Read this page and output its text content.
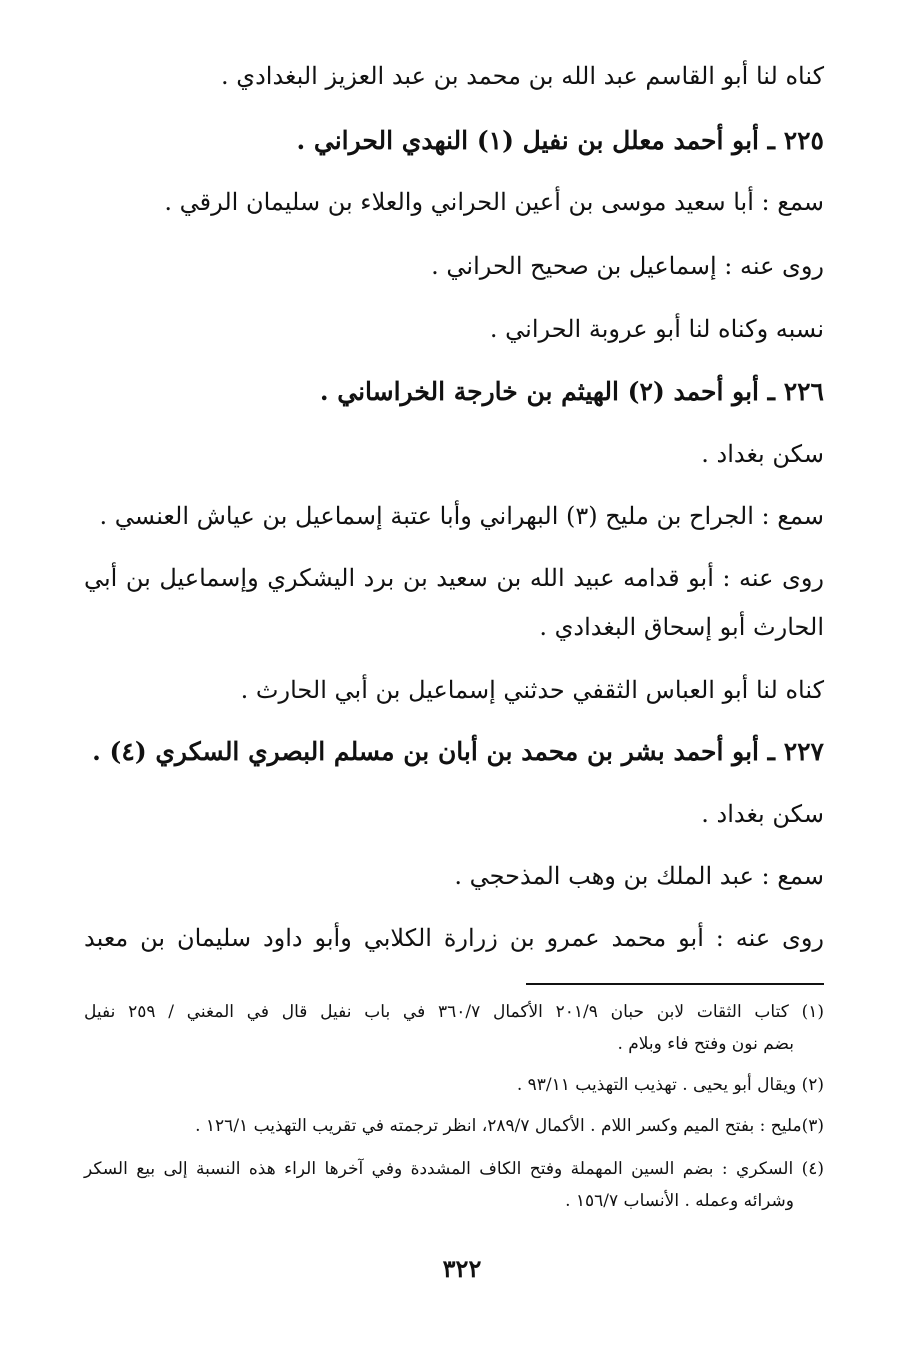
كناه لنا أبو القاسم عبد الله بن محمد بن عبد العزيز البغدادي .
٢٢٥ ـ أبو أحمد معلل بن نفيل (١) النهدي الحراني .
سمع : أبا سعيد موسى بن أعين الحراني والعلاء بن سليمان الرقي .
روى عنه : إسماعيل بن صحيح الحراني .
نسبه وكناه لنا أبو عروبة الحراني .
٢٢٦ ـ أبو أحمد (٢) الهيثم بن خارجة الخراساني .
سكن بغداد .
سمع : الجراح بن مليح (٣) البهراني وأبا عتبة إسماعيل بن عياش العنسي .
روى عنه : أبو قدامه عبيد الله بن سعيد بن برد اليشكري وإسماعيل بن أبي
الحارث أبو إسحاق البغدادي .
كناه لنا أبو العباس الثقفي حدثني إسماعيل بن أبي الحارث .
٢٢٧ ـ أبو أحمد بشر بن محمد بن أبان بن مسلم البصري السكري (٤) .
سكن بغداد .
سمع : عبد الملك بن وهب المذحجي .
روى عنه : أبو محمد عمرو بن زرارة الكلابي وأبو داود سليمان بن معبد
(١) كتاب الثقات لابن حبان ٢٠١/٩ الأكمال ٣٦٠/٧ في باب نفيل قال في المغني / ٢٥٩ نفيل
بضم نون وفتح فاء وبلام .
(٢) ويقال أبو يحيى . تهذيب التهذيب ٩٣/١١ .
(٣)مليح : بفتح الميم وكسر اللام . الأكمال ٢٨٩/٧، انظر ترجمته في تقريب التهذيب ١٢٦/١ .
(٤) السكري : بضم السين المهملة وفتح الكاف المشددة وفي آخرها الراء هذه النسبة إلى بيع السكر
وشرائه وعمله . الأنساب ١٥٦/٧ .
٣٢٢
